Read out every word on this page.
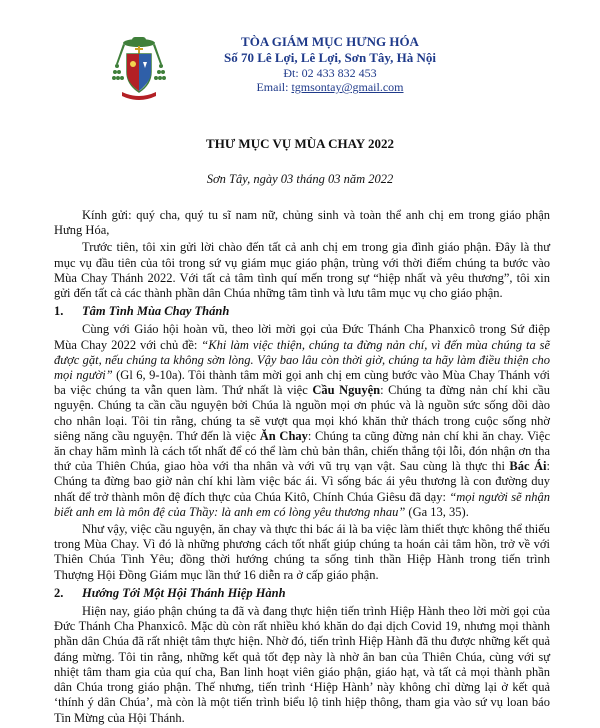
TÒA GIÁM MỤC HƯNG HÓA
Số 70 Lê Lợi, Lê Lợi, Sơn Tây, Hà Nội
Đt: 02 433 832 453
Email: tgmsontay@gmail.com
THƯ MỤC VỤ MÙA CHAY 2022
Sơn Tây, ngày 03 tháng 03 năm 2022

Kính gửi: quý cha, quý tu sĩ nam nữ, chủng sinh và toàn thể anh chị em trong giáo phận Hưng Hóa,

Trước tiên, tôi xin gửi lời chào đến tất cả anh chị em trong gia đình giáo phận. Đây là thư mục vụ đầu tiên của tôi trong sứ vụ giám mục giáo phận, trùng với thời điểm chúng ta bước vào Mùa Chay Thánh 2022. Với tất cả tâm tình quí mến trong sự “hiệp nhất và yêu thương”, tôi xin gửi đến tất cả các thành phần dân Chúa những tâm tình và lưu tâm mục vụ cho giáo phận.

1.	Tâm Tình Mùa Chay Thánh

Cùng với Giáo hội hoàn vũ, theo lời mời gọi của Đức Thánh Cha Phanxicô trong Sứ điệp Mùa Chay 2022 với chủ đề: “Khi làm việc thiện, chúng ta đừng nản chí, vì đến mùa chúng ta sẽ được gặt, nếu chúng ta không sờn lòng. Vậy bao lâu còn thời giờ, chúng ta hãy làm điều thiện cho mọi người” (Gl 6, 9-10a). Tôi thành tâm mời gọi anh chị em cùng bước vào Mùa Chay Thánh với ba việc chúng ta vẫn quen làm. Thứ nhất là việc Cầu Nguyện: Chúng ta đừng nản chí khi cầu nguyện. Chúng ta cần cầu nguyện bởi Chúa là nguồn mọi ơn phúc và là nguồn sức sống dồi dào cho nhân loại. Tôi tin rằng, chúng ta sẽ vượt qua mọi khó khăn thử thách trong cuộc sống nhờ siêng năng cầu nguyện. Thứ đến là việc Ăn Chay: Chúng ta cũng đừng nản chí khi ăn chay. Việc ăn chay hãm mình là cách tốt nhất để có thể làm chủ bản thân, chiến thắng tội lỗi, đón nhận ơn tha thứ của Thiên Chúa, giao hòa với tha nhân và với vũ trụ vạn vật. Sau cùng là thực thi Bác Ái: Chúng ta đừng bao giờ nản chí khi làm việc bác ái. Vì sống bác ái yêu thương là con đường duy nhất để trở thành môn đệ đích thực của Chúa Kitô, Chính Chúa Giêsu đã dạy: “mọi người sẽ nhận biết anh em là môn đệ của Thầy: là anh em có lòng yêu thương nhau” (Ga 13, 35).

Như vậy, việc cầu nguyện, ăn chay và thực thi bác ái là ba việc làm thiết thực không thể thiếu trong Mùa Chay. Vì đó là những phương cách tốt nhất giúp chúng ta hoán cải tâm hồn, trở về với Thiên Chúa Tình Yêu; đồng thời hướng chúng ta sống tinh thần Hiệp Hành trong tiến trình Thượng Hội Đồng Giám mục lần thứ 16 diễn ra ở cấp giáo phận.

2.	Hướng Tới Một Hội Thánh Hiệp Hành

Hiện nay, giáo phận chúng ta đã và đang thực hiện tiến trình Hiệp Hành theo lời mời gọi của Đức Thánh Cha Phanxicô. Mặc dù còn rất nhiều khó khăn do đại dịch Covid 19, nhưng mọi thành phần dân Chúa đã rất nhiệt tâm thực hiện. Nhờ đó, tiến trình Hiệp Hành đã thu được những kết quả đáng mừng. Tôi tin rằng, những kết quả tốt đẹp này là nhờ ân ban của Thiên Chúa, cùng với sự nhiệt tâm tham gia của quí cha, Ban linh hoạt viên giáo phận, giáo hạt, và tất cả mọi thành phần dân Chúa trong giáo phận. Thế nhưng, tiến trình ‘Hiệp Hành’ này không chỉ dừng lại ở kết quả ‘thính ý dân Chúa’, mà còn là một tiến trình biểu lộ tinh hiệp thông, tham gia vào sứ vụ loan báo Tin Mừng của Hội Thánh.
